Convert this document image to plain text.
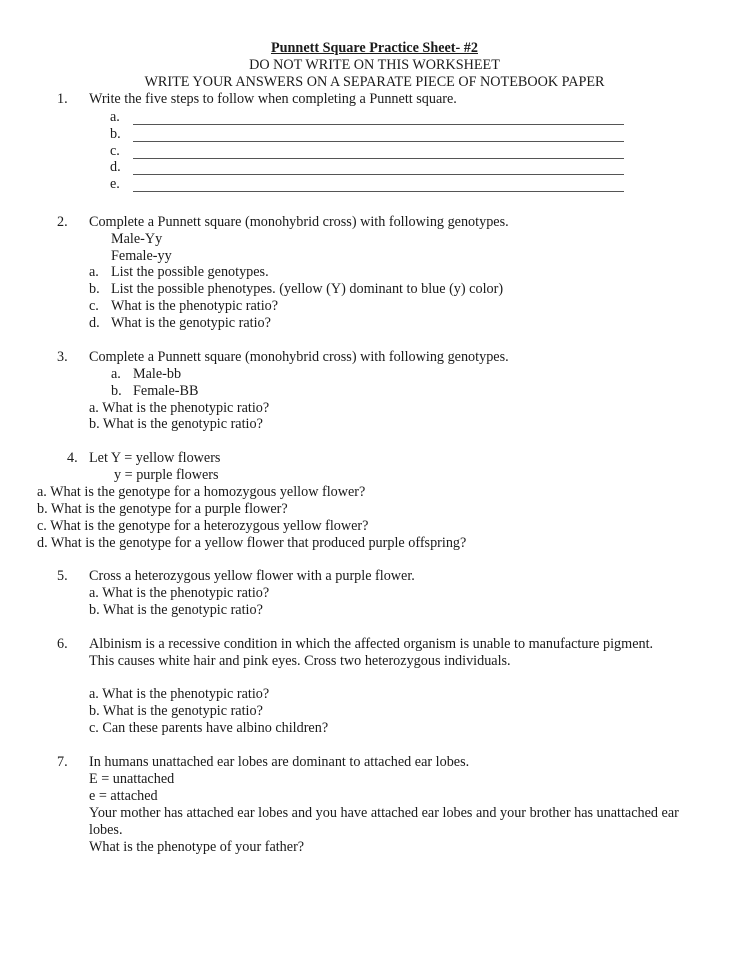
Punnett Square Practice Sheet- #2
DO NOT WRITE ON THIS WORKSHEET
WRITE YOUR ANSWERS ON A SEPARATE PIECE OF NOTEBOOK PAPER
1. Write the five steps to follow when completing a Punnett square.
a.
b.
c.
d.
e.
2. Complete a Punnett square (monohybrid cross) with following genotypes.
Male-Yy
Female-yy
a. List the possible genotypes.
b. List the possible phenotypes. (yellow (Y) dominant to blue (y) color)
c. What is the phenotypic ratio?
d. What is the genotypic ratio?
3. Complete a Punnett square (monohybrid cross) with following genotypes.
a. Male-bb
b. Female-BB
a. What is the phenotypic ratio?
b. What is the genotypic ratio?
4. Let Y = yellow flowers
y = purple flowers
a. What is the genotype for a homozygous yellow flower?
b. What is the genotype for a purple flower?
c. What is the genotype for a heterozygous yellow flower?
d. What is the genotype for a yellow flower that produced purple offspring?
5. Cross a heterozygous yellow flower with a purple flower.
a. What is the phenotypic ratio?
b. What is the genotypic ratio?
6. Albinism is a recessive condition in which the affected organism is unable to manufacture pigment.
This causes white hair and pink eyes. Cross two heterozygous individuals.
a. What is the phenotypic ratio?
b. What is the genotypic ratio?
c. Can these parents have albino children?
7. In humans unattached ear lobes are dominant to attached ear lobes.
E = unattached
e = attached
Your mother has attached ear lobes and you have attached ear lobes and your brother has unattached ear
lobes.
What is the phenotype of your father?
